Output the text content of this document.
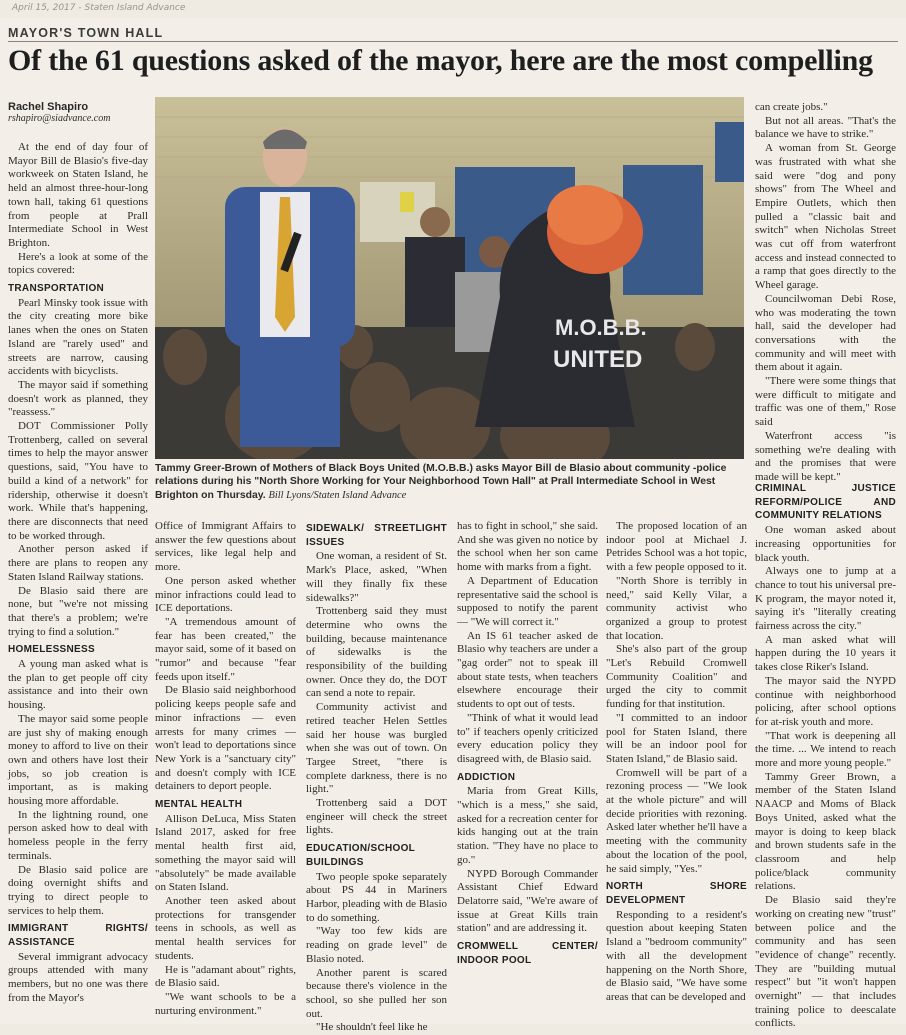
April 15, 2017 - Staten Island Advance
MAYOR'S TOWN HALL
Of the 61 questions asked of the mayor, here are the most compelling
Rachel Shapiro
rshapiro@siadvance.com

At the end of day four of Mayor Bill de Blasio's five-day workweek on Staten Island, he held an almost three-hour-long town hall, taking 61 questions from people at Prall Intermediate School in West Brighton.

Here's a look at some of the topics covered:

TRANSPORTATION

Pearl Minsky took issue with the city creating more bike lanes when the ones on Staten Island are "rarely used" and streets are narrow, causing accidents with bicyclists.

The mayor said if something doesn't work as planned, they "reassess."

DOT Commissioner Polly Trottenberg, called on several times to help the mayor answer questions, said, "You have to build a kind of a network" for ridership, otherwise it doesn't work. While that's happening, there are disconnects that need to be worked through.

Another person asked if there are plans to reopen any Staten Island Railway stations.

De Blasio said there are none, but "we're not missing that there's a problem; we're trying to find a solution."

HOMELESSNESS

A young man asked what is the plan to get people off city assistance and into their own housing.

The mayor said some people are just shy of making enough money to afford to live on their own and others have lost their jobs, so job creation is important, as is making housing more affordable.

In the lightning round, one person asked how to deal with homeless people in the ferry terminals.

De Blasio said police are doing overnight shifts and trying to direct people to services to help them.

IMMIGRANT RIGHTS/ ASSISTANCE

Several immigrant advocacy groups attended with many members, but no one was there from the Mayor's

M.O.B.B.
UNITED
Tammy Greer-Brown of Mothers of Black Boys United (M.O.B.B.) asks Mayor Bill de Blasio about community -police relations during his "North Shore Working for Your Neighborhood Town Hall" at Prall Intermediate School in West Brighton on Thursday. Bill Lyons/Staten Island Advance

Office of Immigrant Affairs to answer the few questions about services, like legal help and more.

One person asked whether minor infractions could lead to ICE deportations.

"A tremendous amount of fear has been created," the mayor said, some of it based on "rumor" and because "fear feeds upon itself."

De Blasio said neighborhood policing keeps people safe and minor infractions — even arrests for many crimes — won't lead to deportations since New York is a "sanctuary city" and doesn't comply with ICE detainers to deport people.

MENTAL HEALTH

Allison DeLuca, Miss Staten Island 2017, asked for free mental health first aid, something the mayor said will "absolutely" be made available on Staten Island.

Another teen asked about protections for transgender teens in schools, as well as mental health services for students.

He is "adamant about" rights, de Blasio said.

"We want schools to be a nurturing environment."

SIDEWALK/ STREETLIGHT ISSUES

One woman, a resident of St. Mark's Place, asked, "When will they finally fix these sidewalks?"

Trottenberg said they must determine who owns the building, because maintenance of sidewalks is the responsibility of the building owner. Once they do, the DOT can send a note to repair.

Community activist and retired teacher Helen Settles said her house was burgled when she was out of town. On Targee Street, "there is complete darkness, there is no light."

Trottenberg said a DOT engineer will check the street lights.

EDUCATION/SCHOOL BUILDINGS

Two people spoke separately about PS 44 in Mariners Harbor, pleading with de Blasio to do something.

"Way too few kids are reading on grade level" de Blasio noted.

Another parent is scared because there's violence in the school, so she pulled her son out.

"He shouldn't feel like he

has to fight in school," she said. And she was given no notice by the school when her son came home with marks from a fight.

A Department of Education representative said the school is supposed to notify the parent — "We will correct it."

An IS 61 teacher asked de Blasio why teachers are under a "gag order" not to speak ill about state tests, when teachers elsewhere encourage their students to opt out of tests.

"Think of what it would lead to" if teachers openly criticized every education policy they disagreed with, de Blasio said.

ADDICTION

Maria from Great Kills, "which is a mess," she said, asked for a recreation center for kids hanging out at the train station. "They have no place to go."

NYPD Borough Commander Assistant Chief Edward Delatorre said, "We're aware of issue at Great Kills train station" and are addressing it.

CROMWELL CENTER/ INDOOR POOL

The proposed location of an indoor pool at Michael J. Petrides School was a hot topic, with a few people opposed to it.

"North Shore is terribly in need," said Kelly Vilar, a community activist who organized a group to protest that location.

She's also part of the group "Let's Rebuild Cromwell Community Coalition" and urged the city to commit funding for that institution.

"I committed to an indoor pool for Staten Island, there will be an indoor pool for Staten Island," de Blasio said.

Cromwell will be part of a rezoning process — "We look at the whole picture" and will decide priorities with rezoning. Asked later whether he'll have a meeting with the community about the location of the pool, he said simply, "Yes."

NORTH SHORE DEVELOPMENT

Responding to a resident's question about keeping Staten Island a "bedroom community" with all the development happening on the North Shore, de Blasio said, "We have some areas that can be developed and

can create jobs."

But not all areas. "That's the balance we have to strike."

A woman from St. George was frustrated with what she said were "dog and pony shows" from The Wheel and Empire Outlets, which then pulled a "classic bait and switch" when Nicholas Street was cut off from waterfront access and instead connected to a ramp that goes directly to the Wheel garage.

Councilwoman Debi Rose, who was moderating the town hall, said the developer had conversations with the community and will meet with them about it again.

"There were some things that were difficult to mitigate and traffic was one of them," Rose said

Waterfront access "is something we're dealing with and the promises that were made will be kept."

CRIMINAL JUSTICE REFORM/POLICE AND COMMUNITY RELATIONS

One woman asked about increasing opportunities for black youth.

Always one to jump at a chance to tout his universal pre-K program, the mayor noted it, saying it's "literally creating fairness across the city."

A man asked what will happen during the 10 years it takes close Riker's Island.

The mayor said the NYPD continue with neighborhood policing, after school options for at-risk youth and more.

"That work is deepening all the time. ... We intend to reach more and more young people."

Tammy Greer Brown, a member of the Staten Island NAACP and Moms of Black Boys United, asked what the mayor is doing to keep black and brown students safe in the classroom and help police/black community relations.

De Blasio said they're working on creating new "trust" between police and the community and has seen "evidence of change" recently. They are "building mutual respect" but "it won't happen overnight" — that includes training police to deescalate conflicts.
